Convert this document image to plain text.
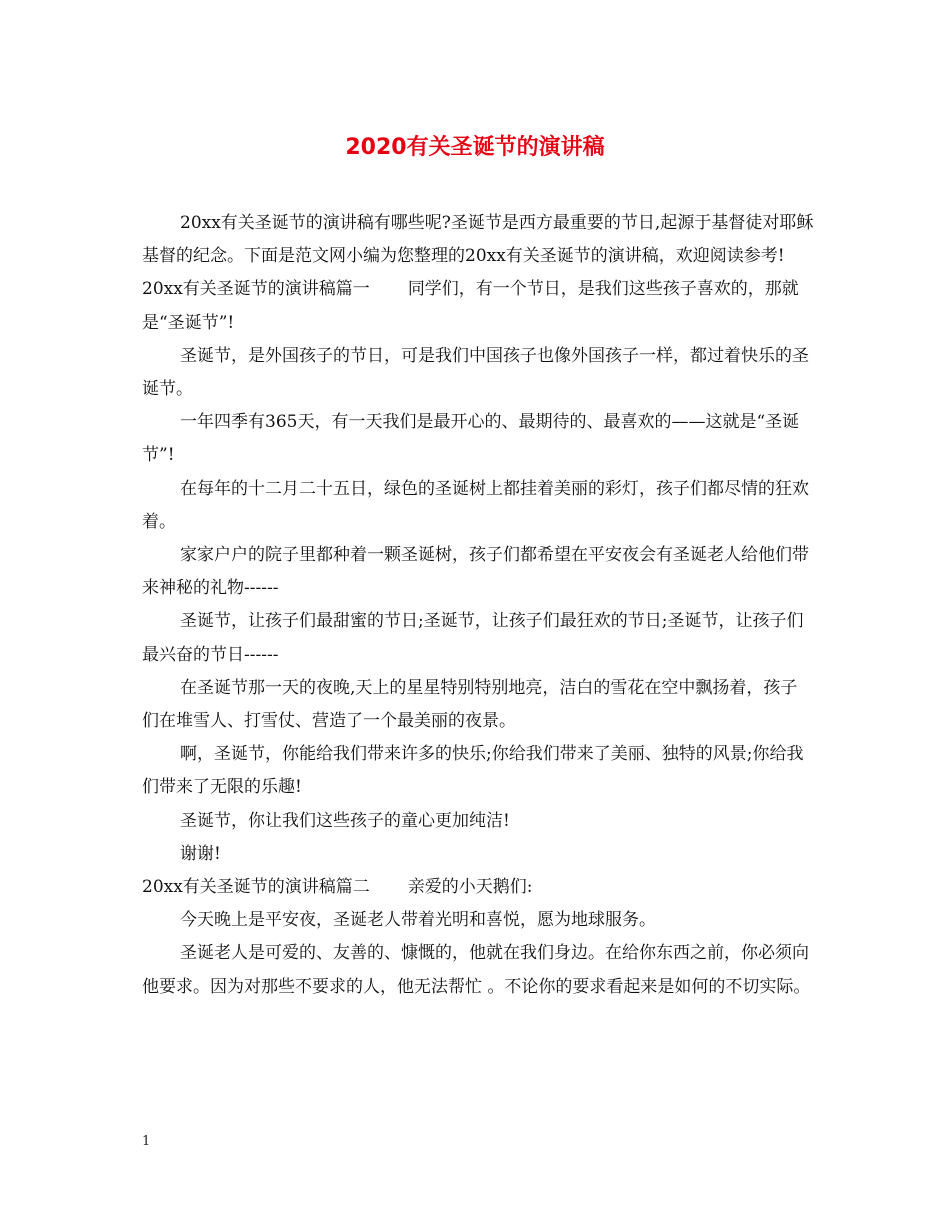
2020有关圣诞节的演讲稿

20xx有关圣诞节的演讲稿有哪些呢?圣诞节是西方最重要的节日,起源于基督徒对耶稣基督的纪念。下面是范文网小编为您整理的20xx有关圣诞节的演讲稿，欢迎阅读参考!

20xx有关圣诞节的演讲稿篇一 同学们，有一个节日，是我们这些孩子喜欢的，那就是“圣诞节”!

圣诞节，是外国孩子的节日，可是我们中国孩子也像外国孩子一样，都过着快乐的圣诞节。

一年四季有365天，有一天我们是最开心的、最期待的、最喜欢的——这就是“圣诞节”!

在每年的十二月二十五日，绿色的圣诞树上都挂着美丽的彩灯，孩子们都尽情的狂欢着。

家家户户的院子里都种着一颗圣诞树，孩子们都希望在平安夜会有圣诞老人给他们带来神秘的礼物------

圣诞节，让孩子们最甜蜜的节日;圣诞节，让孩子们最狂欢的节日;圣诞节，让孩子们最兴奋的节日------

在圣诞节那一天的夜晚,天上的星星特别特别地亮，洁白的雪花在空中飘扬着，孩子们在堆雪人、打雪仗、营造了一个最美丽的夜景。

啊，圣诞节，你能给我们带来许多的快乐;你给我们带来了美丽、独特的风景;你给我们带来了无限的乐趣!

圣诞节，你让我们这些孩子的童心更加纯洁!

谢谢!

20xx有关圣诞节的演讲稿篇二 亲爱的小天鹅们:

今天晚上是平安夜，圣诞老人带着光明和喜悦，愿为地球服务。

圣诞老人是可爱的、友善的、慷慨的，他就在我们身边。在给你东西之前，你必须向他要求。因为对那些不要求的人，他无法帮忙 。不论你的要求看起来是如何的不切实际。

1
